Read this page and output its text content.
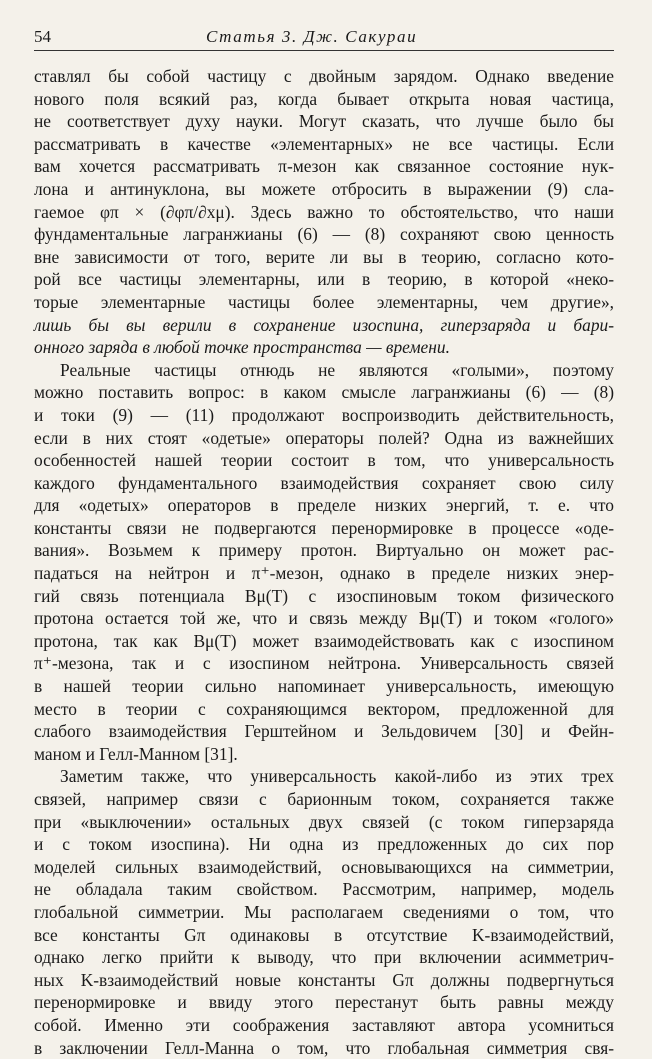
54	Статья 3. Дж. Сакураи
ставлял бы собой частицу с двойным зарядом. Однако введение
нового поля всякий раз, когда бывает открыта новая частица,
не соответствует духу науки. Могут сказать, что лучше было бы
рассматривать в качестве «элементарных» не все частицы. Если
вам хочется рассматривать π-мезон как связанное состояние нук-
лона и антинуклона, вы можете отбросить в выражении (9) сла-
гаемое φπ × (∂φπ/∂xμ). Здесь важно то обстоятельство, что наши
фундаментальные лагранжианы (6) — (8) сохраняют свою ценность
вне зависимости от того, верите ли вы в теорию, согласно кото-
рой все частицы элементарны, или в теорию, в которой «неко-
торые элементарные частицы более элементарны, чем другие»,
лишь бы вы верили в сохранение изоспина, гиперзаряда и бари-
онного заряда в любой точке пространства — времени.
Реальные частицы отнюдь не являются «голыми», поэтому
можно поставить вопрос: в каком смысле лагранжианы (6) — (8)
и токи (9) — (11) продолжают воспроизводить действительность,
если в них стоят «одетые» операторы полей? Одна из важнейших
особенностей нашей теории состоит в том, что универсальность
каждого фундаментального взаимодействия сохраняет свою силу
для «одетых» операторов в пределе низких энергий, т. е. что
константы связи не подвергаются перенормировке в процессе «оде-
вания». Возьмем к примеру протон. Виртуально он может рас-
падаться на нейтрон и π⁺-мезон, однако в пределе низких энер-
гий связь потенциала Bμ(T) с изоспиновым током физического
протона остается той же, что и связь между Bμ(T) и током «голого»
протона, так как Bμ(T) может взаимодействовать как с изоспином
π⁺-мезона, так и с изоспином нейтрона. Универсальность связей
в нашей теории сильно напоминает универсальность, имеющую
место в теории с сохраняющимся вектором, предложенной для
слабого взаимодействия Герштейном и Зельдовичем [30] и Фейн-
маном и Гелл-Манном [31].
Заметим также, что универсальность какой-либо из этих трех
связей, например связи с барионным током, сохраняется также
при «выключении» остальных двух связей (с током гиперзаряда
и с током изоспина). Ни одна из предложенных до сих пор
моделей сильных взаимодействий, основывающихся на симметрии,
не обладала таким свойством. Рассмотрим, например, модель
глобальной симметрии. Мы располагаем сведениями о том, что
все константы Gπ одинаковы в отсутствие K-взаимодействий,
однако легко прийти к выводу, что при включении асимметрич-
ных K-взаимодействий новые константы Gπ должны подвергнуться
перенормировке и ввиду этого перестанут быть равны между
собой. Именно эти соображения заставляют автора усомниться
в заключении Гелл-Манна о том, что глобальная симметрия свя-
